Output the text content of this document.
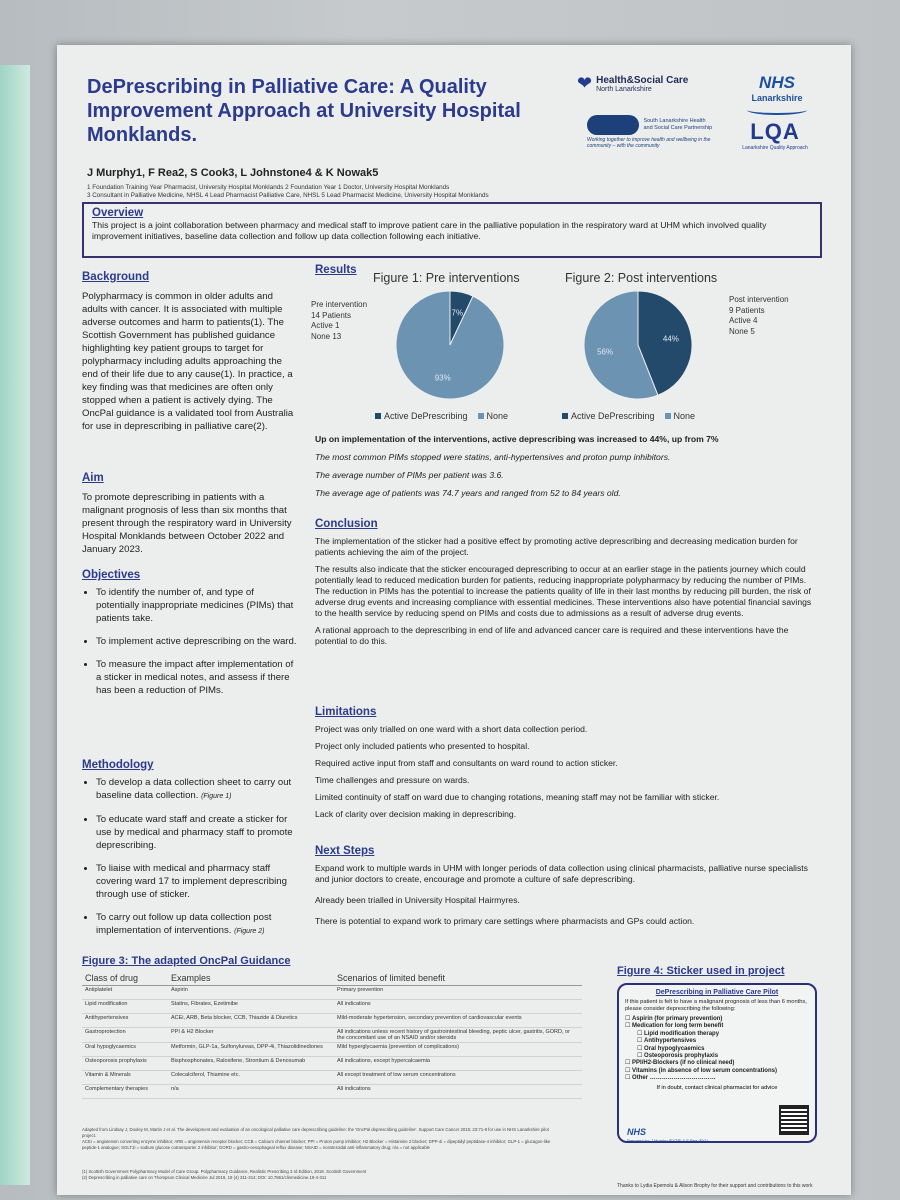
DePrescribing in Palliative Care: A Quality Improvement Approach at University Hospital Monklands.

J Murphy1, F Rea2, S Cook3, L Johnstone4 & K Nowak5

1 Foundation Training Year Pharmacist, University Hospital Monklands 2 Foundation Year 1 Doctor, University Hospital Monklands

3 Consultant in Palliative Medicine, NHSL 4 Lead Pharmacist Palliative Care, NHSL 5 Lead Pharmacist Medicine, University Hospital Monklands

❤ Health&Social Care
North Lanarkshire	NHS
Lanarkshire
South Lanarkshire Health and Social Care Partnership
Working together to improve health and wellbeing in the community – with the community
LQA
Lanarkshire Quality Approach
Overview

This project is a joint collaboration between pharmacy and medical staff to improve patient care in the palliative population in the respiratory ward at UHM which involved quality improvement initiatives, baseline data collection and follow up data collection following each initiative.

Background

Polypharmacy is common in older adults and adults with cancer. It is associated with multiple adverse outcomes and harm to patients(1). The Scottish Government has published guidance highlighting key patient groups to target for polypharmacy including adults approaching the end of their life due to any cause(1). In practice, a key finding was that medicines are often only stopped when a patient is actively dying. The OncPal guidance is a validated tool from Australia for use in deprescribing in palliative care(2).

Aim

To promote deprescribing in patients with a malignant prognosis of less than six months that present through the respiratory ward in University Hospital Monklands between October 2022 and January 2023.

Objectives
• To identify the number of, and type of potentially inappropriate medicines (PIMs) that patients take.
• To implement active deprescribing on the ward.
• To measure the impact after implementation of a sticker in medical notes, and assess if there has been a reduction of PIMs.
Methodology
• To develop a data collection sheet to carry out baseline data collection. (Figure 1)
• To educate ward staff and create a sticker for use by medical and pharmacy staff to promote deprescribing.
• To liaise with medical and pharmacy staff covering ward 17 to implement deprescribing through use of sticker.
• To carry out follow up data collection post implementation of interventions. (Figure 2)
Results
Figure 1: Pre interventions
Pre intervention
14 Patients
Active 1
None 13
7%
93%
Active DePrescribing	None
Figure 2: Post interventions
Post intervention
9 Patients
Active 4
None 5
44%
56%
Active DePrescribing	None
Up on implementation of the interventions, active deprescribing was increased to 44%, up from 7%
The most common PIMs stopped were statins, anti-hypertensives and proton pump inhibitors.
The average number of PIMs per patient was 3.6.
The average age of patients was 74.7 years and ranged from 52 to 84 years old.
Conclusion

The implementation of the sticker had a positive effect by promoting active deprescribing and decreasing medication burden for patients achieving the aim of the project.

The results also indicate that the sticker encouraged deprescribing to occur at an earlier stage in the patients journey which could potentially lead to reduced medication burden for patients, reducing inappropriate polypharmacy by reducing the number of PIMs. The reduction in PIMs has the potential to increase the patients quality of life in their last months by reducing pill burden, the risk of adverse drug events and increasing compliance with essential medicines. These interventions also have potential financial savings to the health service by reducing spend on PIMs and costs due to admissions as a result of adverse drug events.

A rational approach to the deprescribing in end of life and advanced cancer care is required and these interventions have the potential to do this.

Limitations

Project was only trialled on one ward with a short data collection period.

Project only included patients who presented to hospital.

Required active input from staff and consultants on ward round to action sticker.

Time challenges and pressure on wards.

Limited continuity of staff on ward due to changing rotations, meaning staff may not be familiar with sticker.

Lack of clarity over decision making in deprescribing.

Next Steps

Expand work to multiple wards in UHM with longer periods of data collection using clinical pharmacists, palliative nurse specialists and junior doctors to create, encourage and promote a culture of safe deprescribing.

Already been trialled in University Hospital Hairmyres.

There is potential to expand work to primary care settings where pharmacists and GPs could action.

Figure 3: The adapted OncPal Guidance
Class of drug	Examples	Scenarios of limited benefit
Antiplatelet	Aspirin	Primary prevention
Lipid modification	Statins, Fibrates, Ezetimibe	All indications
Antihypertensives	ACEi, ARB, Beta blocker, CCB, Thiazide & Diuretics	Mild-moderate hypertension, secondary prevention of cardiovascular events
Gastroprotection	PPI & H2 Blocker	All indications unless recent history of gastrointestinal bleeding, peptic ulcer, gastritis, GORD, or the concomitant use of an NSAID and/or steroids
Oral hypoglycaemics	Metformin, GLP-1a, Sulfonylureas, DPP-4i, Thiazolidinediones	Mild hyperglycaemia (prevention of complications)
Osteoporosis prophylaxis	Bisphosphonates, Raloxifene, Strontium & Denosumab	All indications, except hypercalcaemia
Vitamin & Minerals	Colecalciferol, Thiamine etc.	All except treatment of low serum concentrations
Complementary therapies	n/a	All indications
Adapted from Lindsay J, Dooley M, Martin J et al. The development and evaluation of an oncological palliative care deprescribing guideline: the 'OncPal deprescribing guideline'. Support Care Cancer 2015; 23:71-8 for use in NHS Lanarkshire pilot project.
ACEi = angiotensin converting enzyme inhibitor; ARB = angiotensin receptor blocker; CCB = Calcium channel blocker; PPI = Proton pump inhibitor; H2 Blocker = Histamine 2 blocker; DPP-4i = dipeptidyl peptidase-4 inhibitor; GLP-1 = glucagon-like peptide-1 analogue; SGLT2i = sodium glucose cotransporter 2 inhibitor; GORD = gastro-oesophageal reflux disease; NSAID = nonsteroidal anti-inflammatory drug; n/a = not applicable
(1) Scottish Government Polypharmacy Model of Care Group. Polypharmacy Guidance, Realistic Prescribing 3 rd Edition, 2018. Scottish Government
(2) Deprescribing in palliative care on Thompson Clinical Medicine Jul 2019, 19 (4) 311-314; DOI: 10.7861/clinmedicine.19-4-311
Figure 4: Sticker used in project
DePrescribing in Palliative Care Pilot
If this patient is felt to have a malignant prognosis of less than 6 months, please consider deprescribing the following:
☐ Aspirin (for primary prevention)
☐ Medication for long term benefit
☐ Lipid modification therapy
☐ Antihypertensives
☐ Oral hypoglycaemics
☐ Osteoporosis prophylaxis
☐ PPI/H2-Blockers (if no clinical need)
☐ Vitamins (in absence of low serum concentrations)
☐ Other ……………………………
If in doubt, contact clinical pharmacist for advice
NHS
Prepared by: J Murphy (FYTP) & F Rea (FY1)
Thanks to Lydia Epemolu & Alison Brophy for their support and contributions to this work
